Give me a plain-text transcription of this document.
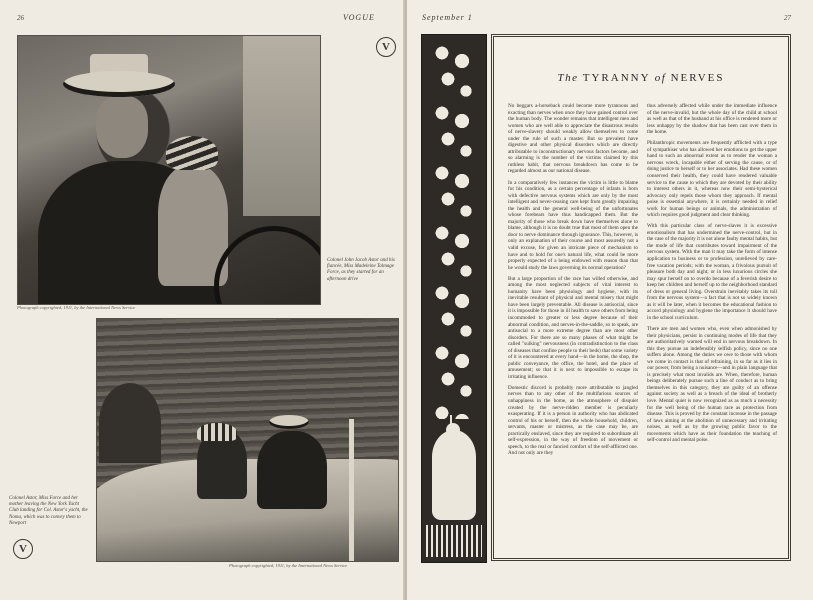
26	VOGUE
V
Colonel John Jacob Astor and his fiancée, Miss Madeleine Talmage Force, as they started for an afternoon drive
Photograph copyrighted, 1911, by the International News Service
Colonel Astor, Miss Force and her mother leaving the New York Yacht Club landing for Col. Astor's yacht, the Noma, which was to convey them to Newport
V
Photograph copyrighted, 1911, by the International News Service
September 1	27
The TYRANNY of NERVES

No beggars a-horseback could become more tyrannous and exacting than nerves when once they have gained control over the human body. The wonder remains that intelligent men and women who are well able to appreciate the disastrous results of nerve-slavery should weakly allow themselves to come under the rule of such a master. But so prevalent have digestive and other physical disorders which are directly attributable to inconstructionary nervous factors become, and so alarming is the number of the victims claimed by this ruthless habit, that nervous breakdown has come to be regarded almost as our national disease.

In a comparatively few instances the victim is little to blame for his condition, as a certain percentage of infants is born with defective nervous systems which are only by the most intelligent and never-ceasing care kept from greatly impairing the health and the general well-being of the unfortunates whose forebears have thus handicapped them. But the majority of those who break down have themselves alone to blame, although it is no doubt true that most of them open the door to nerve dominance through ignorance. This, however, is only an explanation of their course and most assuredly not a valid excuse, for given an intricate piece of mechanism to have and to hold for one's natural life, what could be more properly expected of a being endowed with reason than that he would study the laws governing its normal operation?

But a large proportion of the race has willed otherwise, and among the most neglected subjects of vital interest to humanity have been physiology and hygiene, with its inevitable resultant of physical and mental misery that might have been largely preventable. All disease is antisocial, since it is impossible for those in ill health to save others from being incommoded to greater or less degree because of their abnormal condition, and nerves-in-the-saddle, so to speak, are antisocial to a more extreme degree than are most other disorders. For there are so many phases of what might be called "sulking" nervousness (in contradistinction to the class of diseases that confine people to their beds) that some variety of it is encountered at every hand—in the home, the shop, the public conveyance, the office, the hotel, and the place of amusement; so that it is next to impossible to escape its irritating influence.

Domestic discord is probably more attributable to jangled nerves than to any other of the multifarious sources of unhappiness in the home, as the atmosphere of disquiet created by the nerve-ridden member is peculiarly exasperating. If it is a person in authority who has abdicated control of his or herself, then the whole household, children, servants, master or mistress, as the case may be, are practically enslaved, since they are required to subordinate all self-expression, in the way of freedom of movement or speech, to the real or fancied comfort of the self-afflicted one. And not only are they

thus adversely affected while under the immediate influence of the nerve-invalid, but the whole day of the child at school as well as that of the husband at his office is rendered more or less unhappy by the shadow that has been cast over them in the home.

Philanthropic movements are frequently afflicted with a type of sympathiser who has allowed her emotions to get the upper hand to such an abnormal extent as to render the woman a nervous wreck, incapable either of serving the cause, or of doing justice to herself or to her associates. Had these women conserved their health, they could have rendered valuable service to the cause to which they are devoted by their ability to interest others in it, whereas now their semi-hysterical advocacy only repels those whom they approach. If mental poise is essential anywhere, it is certainly needed in relief work for human beings or animals, the administration of which requires good judgment and clear thinking.

With this particular class of nerve-slaves it is excessive emotionalism that has undermined the nerve-control, but in the case of the majority it is not alone faulty mental habits, but the mode of life that contributes toward impairment of the nervous system. With the man it may take the form of intense application to business or to profession, unrelieved by care-free vacation periods; with the woman, a frivolous pursuit of pleasure both day and night; or in less luxurious circles she may spur herself on to overdo because of a feverish desire to keep her children and herself up to the neighborhood standard of dress or general living. Overstrain inevitably takes its toll from the nervous system—a fact that is not so widely known as it will be later, when it becomes the educational fashion to accord physiology and hygiene the importance it should have in the school curriculum.

There are men and women who, even when admonished by their physicians, persist in continuing modes of life that they are authoritatively warned will end in nervous breakdown. In this they pursue an indefensibly selfish policy, since no one suffers alone. Among the duties we owe to those with whom we come in contact is that of refraining, in so far as it lies in our power, from being a nuisance—and in plain language that is precisely what most invalids are. When, therefore, human beings deliberately pursue such a line of conduct as to bring themselves in this category, they are guilty of an offense against society as well as a breach of the ideal of brotherly love. Mental quiet is now recognized as as much a necessity for the well being of the human race as protection from disease. This is proved by the constant increase in the passage of laws aiming at the abolition of unnecessary and irritating noises, as well as by the growing public favor to the movements which have as their foundation the teaching of self-control and mental poise.
